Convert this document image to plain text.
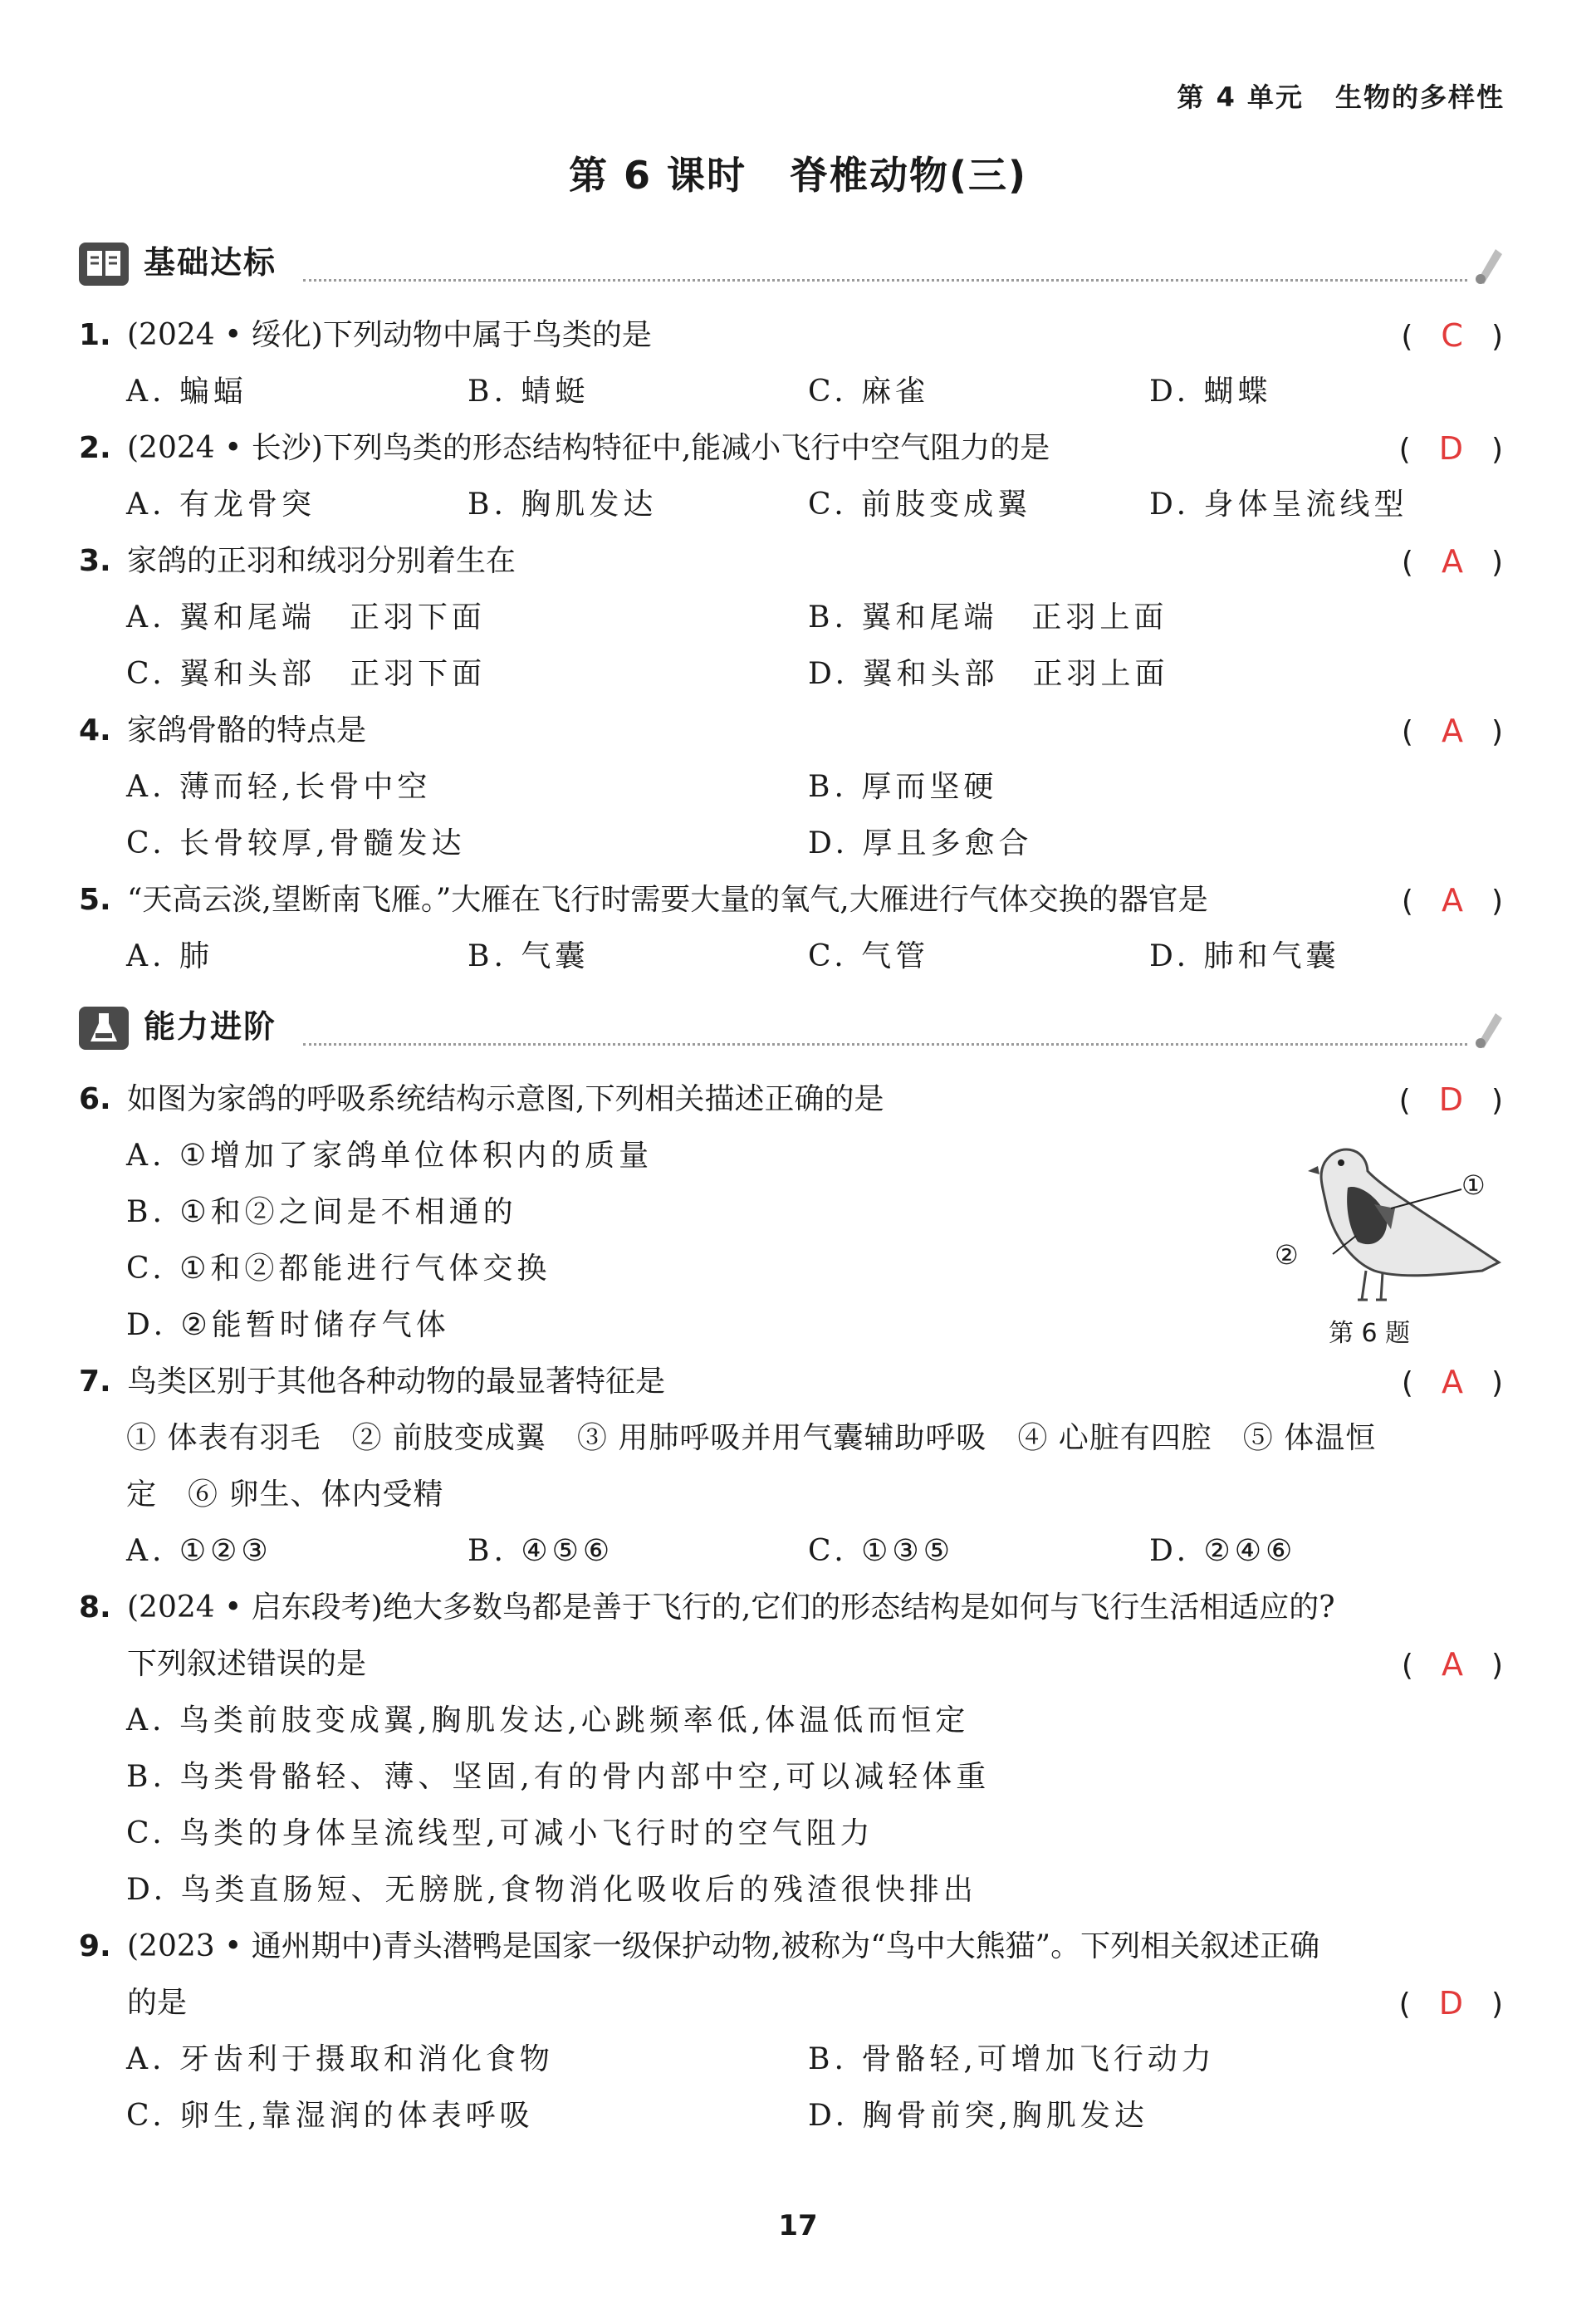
第 4 单元 生物的多样性
第 6 课时 脊椎动物(三)
基础达标
1. (2024 • 绥化)下列动物中属于鸟类的是	( C )
A. 蝙蝠	B. 蜻蜓	C. 麻雀	D. 蝴蝶
2. (2024 • 长沙)下列鸟类的形态结构特征中,能减小飞行中空气阻力的是	( D )
A. 有龙骨突	B. 胸肌发达	C. 前肢变成翼	D. 身体呈流线型
3. 家鸽的正羽和绒羽分别着生在	( A )
A. 翼和尾端　正羽下面	B. 翼和尾端　正羽上面
C. 翼和头部　正羽下面	D. 翼和头部　正羽上面
4. 家鸽骨骼的特点是	( A )
A. 薄而轻,长骨中空	B. 厚而坚硬
C. 长骨较厚,骨髓发达	D. 厚且多愈合
5. “天高云淡,望断南飞雁。”大雁在飞行时需要大量的氧气,大雁进行气体交换的器官是	( A )
A. 肺	B. 气囊	C. 气管	D. 肺和气囊
能力进阶
6. 如图为家鸽的呼吸系统结构示意图,下列相关描述正确的是	( D )
A. ①增加了家鸽单位体积内的质量
B. ①和②之间是不相通的
C. ①和②都能进行气体交换
D. ②能暂时储存气体
①
②
第 6 题
7. 鸟类区别于其他各种动物的最显著特征是	( A )
① 体表有羽毛　② 前肢变成翼　③ 用肺呼吸并用气囊辅助呼吸　④ 心脏有四腔　⑤ 体温恒
定　⑥ 卵生、体内受精
A. ①②③	B. ④⑤⑥	C. ①③⑤	D. ②④⑥
8. (2024 • 启东段考)绝大多数鸟都是善于飞行的,它们的形态结构是如何与飞行生活相适应的?
下列叙述错误的是	( A )
A. 鸟类前肢变成翼,胸肌发达,心跳频率低,体温低而恒定
B. 鸟类骨骼轻、薄、坚固,有的骨内部中空,可以减轻体重
C. 鸟类的身体呈流线型,可减小飞行时的空气阻力
D. 鸟类直肠短、无膀胱,食物消化吸收后的残渣很快排出
9. (2023 • 通州期中)青头潜鸭是国家一级保护动物,被称为“鸟中大熊猫”。下列相关叙述正确
的是	( D )
A. 牙齿利于摄取和消化食物	B. 骨骼轻,可增加飞行动力
C. 卵生,靠湿润的体表呼吸	D. 胸骨前突,胸肌发达
17
